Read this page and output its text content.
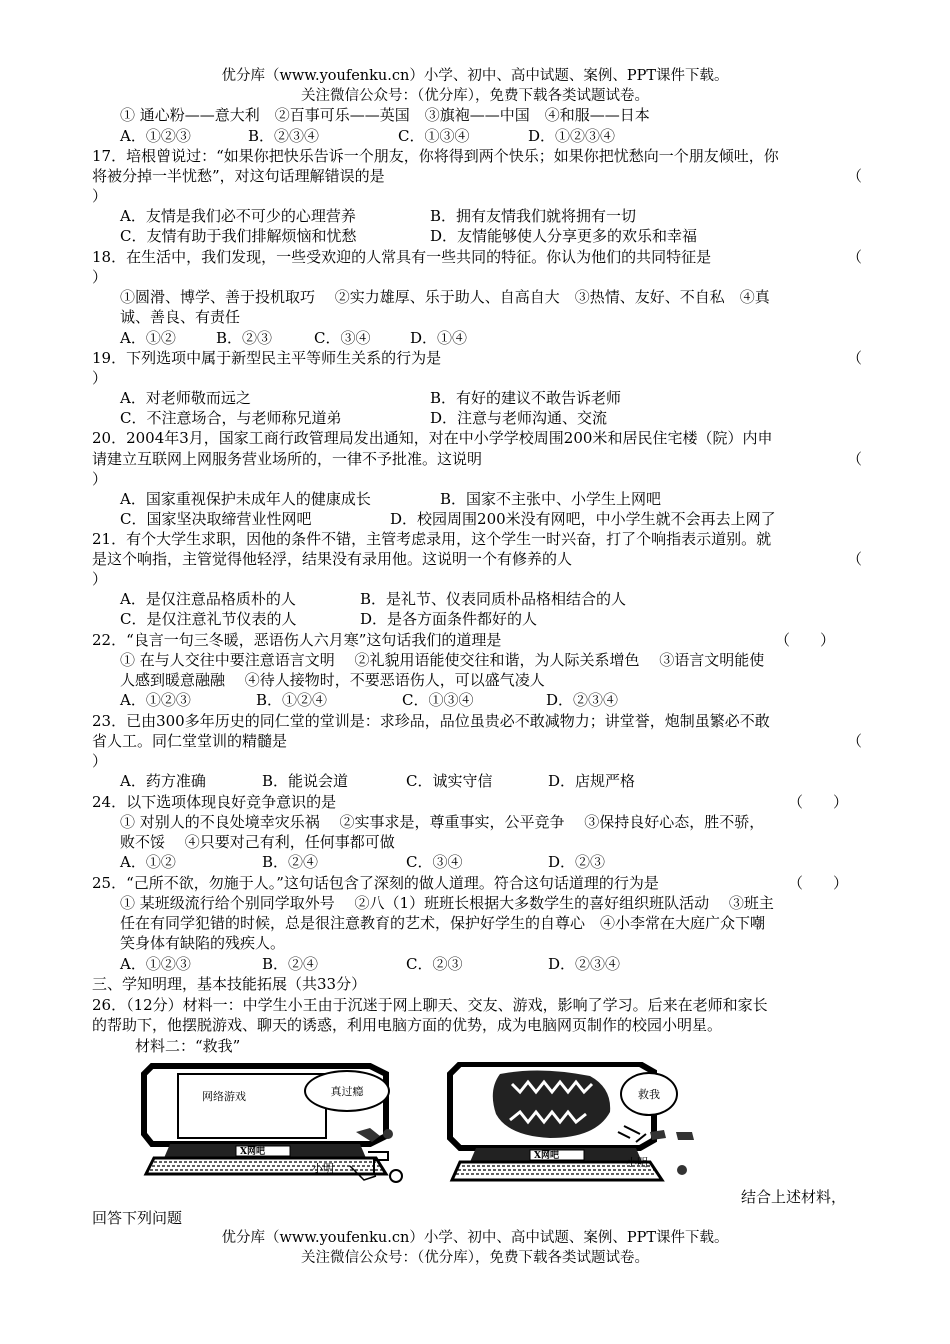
优分库（www.youfenku.cn）小学、初中、高中试题、案例、PPT课件下载。
关注微信公众号：（优分库），免费下载各类试题试卷。
① 通心粉——意大利　②百事可乐——英国　③旗袍——中国　④和服——日本
A．①②③	B．②③④	C．①③④	D．①②③④
17．培根曾说过：“如果你把快乐告诉一个朋友，你将得到两个快乐；如果你把忧愁向一个朋友倾吐，你
将被分掉一半忧愁”，对这句话理解错误的是	（
）
A．友情是我们必不可少的心理营养	B．拥有友情我们就将拥有一切
C．友情有助于我们排解烦恼和忧愁	D．友情能够使人分享更多的欢乐和幸福
18．在生活中，我们发现，一些受欢迎的人常具有一些共同的特征。你认为他们的共同特征是	（
）
①圆滑、博学、善于投机取巧　 ②实力雄厚、乐于助人、自高自大　③热情、友好、不自私　④真
诚、善良、有责任
A．①②	B．②③	C．③④	D．①④
19．下列选项中属于新型民主平等师生关系的行为是	（
）
A．对老师敬而远之	B．有好的建议不敢告诉老师
C．不注意场合，与老师称兄道弟	D．注意与老师沟通、交流
20．2004年3月，国家工商行政管理局发出通知，对在中小学学校周围200米和居民住宅楼（院）内申
请建立互联网上网服务营业场所的，一律不予批准。这说明	（
）
A．国家重视保护未成年人的健康成长	B．国家不主张中、小学生上网吧
C．国家坚决取缔营业性网吧	D．校园周围200米没有网吧，中小学生就不会再去上网了
21．有个大学生求职，因他的条件不错，主管考虑录用，这个学生一时兴奋，打了个响指表示道别。就
是这个响指，主管觉得他轻浮，结果没有录用他。这说明一个有修养的人	（
）
A．是仅注意品格质朴的人	B．是礼节、仪表同质朴品格相结合的人
C．是仅注意礼节仪表的人	D．是各方面条件都好的人
22．“良言一句三冬暖，恶语伤人六月寒”这句话我们的道理是	（　　）
① 在与人交往中要注意语言文明　 ②礼貌用语能使交往和谐，为人际关系增色　 ③语言文明能使
人感到暖意融融　 ④待人接物时，不要恶语伤人，可以盛气凌人
A．①②③	B．①②④	C．①③④	D．②③④
23．已由300多年历史的同仁堂的堂训是：求珍品，品位虽贵必不敢减物力；讲堂誉，炮制虽繁必不敢
省人工。同仁堂堂训的精髓是	（
）
A．药方准确	B．能说会道	C．诚实守信	D．店规严格
24．以下选项体现良好竞争意识的是	（　　）
① 对别人的不良处境幸灾乐祸　 ②实事求是，尊重事实，公平竞争　 ③保持良好心态，胜不骄，
败不馁　 ④只要对己有利，任何事都可做
A．①②	B．②④	C．③④	D．②③
25．“己所不欲，勿施于人。”这句话包含了深刻的做人道理。符合这句话道理的行为是	（　　）
① 某班级流行给个别同学取外号　 ②八（1）班班长根据大多数学生的喜好组织班队活动　 ③班主
任在有同学犯错的时候，总是很注意教育的艺术，保护好学生的自尊心　④小李常在大庭广众下嘲
笑身体有缺陷的残疾人。
A．①②③	B．②④	C．②③	D．②③④
三、学知明理，基本技能拓展（共33分）
26．（12分）材料一：中学生小王由于沉迷于网上聊天、交友、游戏，影响了学习。后来在老师和家长
的帮助下，他摆脱游戏、聊天的诱惑，利用电脑方面的优势，成为电脑网页制作的校园小明星。
材料二：“救我”
网络游戏
X网吧
真过瘾
小明
X网吧
救我
小明
结合上述材料，
回答下列问题
优分库（www.youfenku.cn）小学、初中、高中试题、案例、PPT课件下载。
关注微信公众号：（优分库），免费下载各类试题试卷。
